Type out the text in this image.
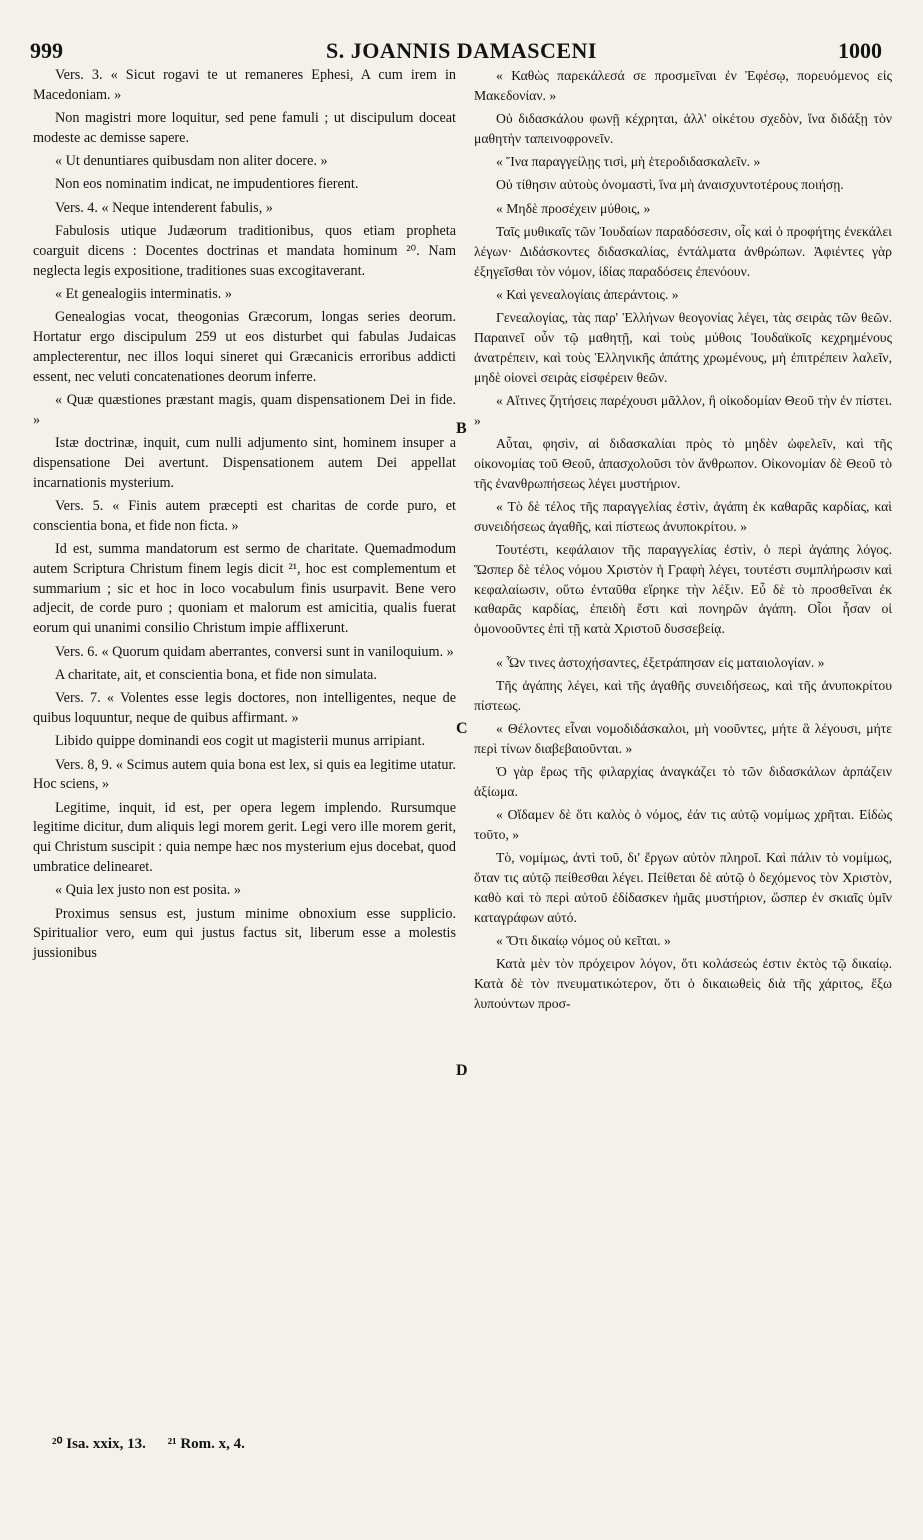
999	S. JOANNIS DAMASCENI	1000

Vers. 3. « Sicut rogavi te ut remaneres Ephesi, A cum irem in Macedoniam. »

Non magistri more loquitur, sed pene famuli ; ut discipulum doceat modeste ac demisse sapere.

« Ut denuntiares quibusdam non aliter docere. »

Non eos nominatim indicat, ne impudentiores fierent.

Vers. 4. « Neque intenderent fabulis, »

Fabulosis utique Judæorum traditionibus, quos etiam propheta coarguit dicens : Docentes doctrinas et mandata hominum ²⁰. Nam neglecta legis expositione, traditiones suas excogitaverant.

« Et genealogiis interminatis. »

Genealogias vocat, theogonias Græcorum, longas series deorum. Hortatur ergo discipulum 259 ut eos disturbet qui fabulas Judaicas amplecterentur, nec illos loqui sineret qui Græcanicis erroribus addicti essent, nec veluti concatenationes deorum inferre.

« Quæ quæstiones præstant magis, quam dispensationem Dei in fide. »

Istæ doctrinæ, inquit, cum nulli adjumento sint, hominem insuper a dispensatione Dei avertunt. Dispensationem autem Dei appellat incarnationis mysterium.

Vers. 5. « Finis autem præcepti est charitas de corde puro, et conscientia bona, et fide non ficta. »

Id est, summa mandatorum est sermo de charitate. Quemadmodum autem Scriptura Christum finem legis dicit ²¹, hoc est complementum et summarium ; sic et hoc in loco vocabulum finis usurpavit. Bene vero adjecit, de corde puro ; quoniam et malorum est amicitia, qualis fuerat eorum qui unanimi consilio Christum impie afflixerunt.

Vers. 6. « Quorum quidam aberrantes, conversi sunt in vaniloquium. »

A charitate, ait, et conscientia bona, et fide non simulata.

Vers. 7. « Volentes esse legis doctores, non intelligentes, neque de quibus loquuntur, neque de quibus affirmant. »

Libido quippe dominandi eos cogit ut magisterii munus arripiant.

Vers. 8, 9. « Scimus autem quia bona est lex, si quis ea legitime utatur. Hoc sciens, »

Legitime, inquit, id est, per opera legem implendo. Rursumque legitime dicitur, dum aliquis legi morem gerit. Legi vero ille morem gerit, qui Christum suscipit : quia nempe hæc nos mysterium ejus docebat, quod umbratice delinearet.

« Quia lex justo non est posita. »

Proximus sensus est, justum minime obnoxium esse supplicio. Spiritualior vero, eum qui justus factus sit, liberum esse a molestis jussionibus

« Καθὼς παρεκάλεσά σε προσμεῖναι ἐν Ἐφέσῳ, πορευόμενος εἰς Μακεδονίαν. »

Οὐ διδασκάλου φωνῇ κέχρηται, ἀλλ' οἰκέτου σχεδὸν, ἵνα διδάξῃ τὸν μαθητὴν ταπεινοφρονεῖν.

« Ἵνα παραγγείλῃς τισὶ, μὴ ἑτεροδιδασκαλεῖν. »

Οὐ τίθησιν αὐτοὺς ὀνομαστὶ, ἵνα μὴ ἀναισχυντοτέρους ποιήσῃ.

« Μηδὲ προσέχειν μύθοις, »

Ταῖς μυθικαῖς τῶν Ἰουδαίων παραδόσεσιν, οἷς καὶ ὁ προφήτης ἐνεκάλει λέγων· Διδάσκοντες διδασκαλίας, ἐντάλματα ἀνθρώπων. Ἀφιέντες γὰρ ἐξηγεῖσθαι τὸν νόμον, ἰδίας παραδόσεις ἐπενόουν.

« Καὶ γενεαλογίαις ἀπεράντοις. »

Γενεαλογίας, τὰς παρ' Ἑλλήνων θεογονίας λέγει, τὰς σειρὰς τῶν θεῶν. Παραινεῖ οὖν τῷ μαθητῇ, καὶ τοὺς μύθοις Ἰουδαϊκοῖς κεχρημένους ἀνατρέπειν, καὶ τοὺς Ἑλληνικῆς ἀπάτης χρωμένους, μὴ ἐπιτρέπειν λαλεῖν, μηδὲ οἱονεὶ σειρὰς εἰσφέρειν θεῶν.

« Αἵτινες ζητήσεις παρέχουσι μᾶλλον, ἢ οἰκοδομίαν Θεοῦ τὴν ἐν πίστει. »

Αὗται, φησὶν, αἱ διδασκαλίαι πρὸς τὸ μηδὲν ὠφελεῖν, καὶ τῆς οἰκονομίας τοῦ Θεοῦ, ἀπασχολοῦσι τὸν ἄνθρωπον. Οἰκονομίαν δὲ Θεοῦ τὸ τῆς ἐνανθρωπήσεως λέγει μυστήριον.

« Τὸ δὲ τέλος τῆς παραγγελίας ἐστὶν, ἀγάπη ἐκ καθαρᾶς καρδίας, καὶ συνειδήσεως ἀγαθῆς, καὶ πίστεως ἀνυποκρίτου. »

Τουτέστι, κεφάλαιον τῆς παραγγελίας ἐστὶν, ὁ περὶ ἀγάπης λόγος. Ὥσπερ δὲ τέλος νόμου Χριστὸν ἡ Γραφὴ λέγει, τουτέστι συμπλήρωσιν καὶ κεφαλαίωσιν, οὕτω ἐνταῦθα εἴρηκε τὴν λέξιν. Εὖ δὲ τὸ προσθεῖναι ἐκ καθαρᾶς καρδίας, ἐπειδὴ ἔστι καὶ πονηρῶν ἀγάπη. Οἷοι ἦσαν οἱ ὁμονοοῦντες ἐπὶ τῇ κατὰ Χριστοῦ δυσσεβείᾳ.

« Ὧν τινες ἀστοχήσαντες, ἐξετράπησαν εἰς ματαιολογίαν. »

Τῆς ἀγάπης λέγει, καὶ τῆς ἀγαθῆς συνειδήσεως, καὶ τῆς ἀνυποκρίτου πίστεως.

« Θέλοντες εἶναι νομοδιδάσκαλοι, μὴ νοοῦντες, μήτε ἃ λέγουσι, μήτε περὶ τίνων διαβεβαιοῦνται. »

Ὁ γὰρ ἔρως τῆς φιλαρχίας ἀναγκάζει τὸ τῶν διδασκάλων ἁρπάζειν ἀξίωμα.

« Οἴδαμεν δὲ ὅτι καλὸς ὁ νόμος, ἐάν τις αὐτῷ νομίμως χρῆται. Εἰδὼς τοῦτο, »

Τὸ, νομίμως, ἀντὶ τοῦ, δι' ἔργων αὐτὸν πληροῖ. Καὶ πάλιν τὸ νομίμως, ὅταν τις αὐτῷ πείθεσθαι λέγει. Πείθεται δὲ αὐτῷ ὁ δεχόμενος τὸν Χριστὸν, καθὸ καὶ τὸ περὶ αὐτοῦ ἐδίδασκεν ἡμᾶς μυστήριον, ὥσπερ ἐν σκιαῖς ὑμῖν καταγράφων αὐτό.

« Ὅτι δικαίῳ νόμος οὐ κεῖται. »

Κατὰ μὲν τὸν πρόχειρον λόγον, ὅτι κολάσεώς ἐστιν ἐκτὸς τῷ δικαίῳ. Κατὰ δὲ τὸν πνευματικώτερον, ὅτι ὁ δικαιωθεὶς διὰ τῆς χάριτος, ἔξω λυπούντων προσ-

B
C
D
²⁰ Isa. xxix, 13. ²¹ Rom. x, 4.
